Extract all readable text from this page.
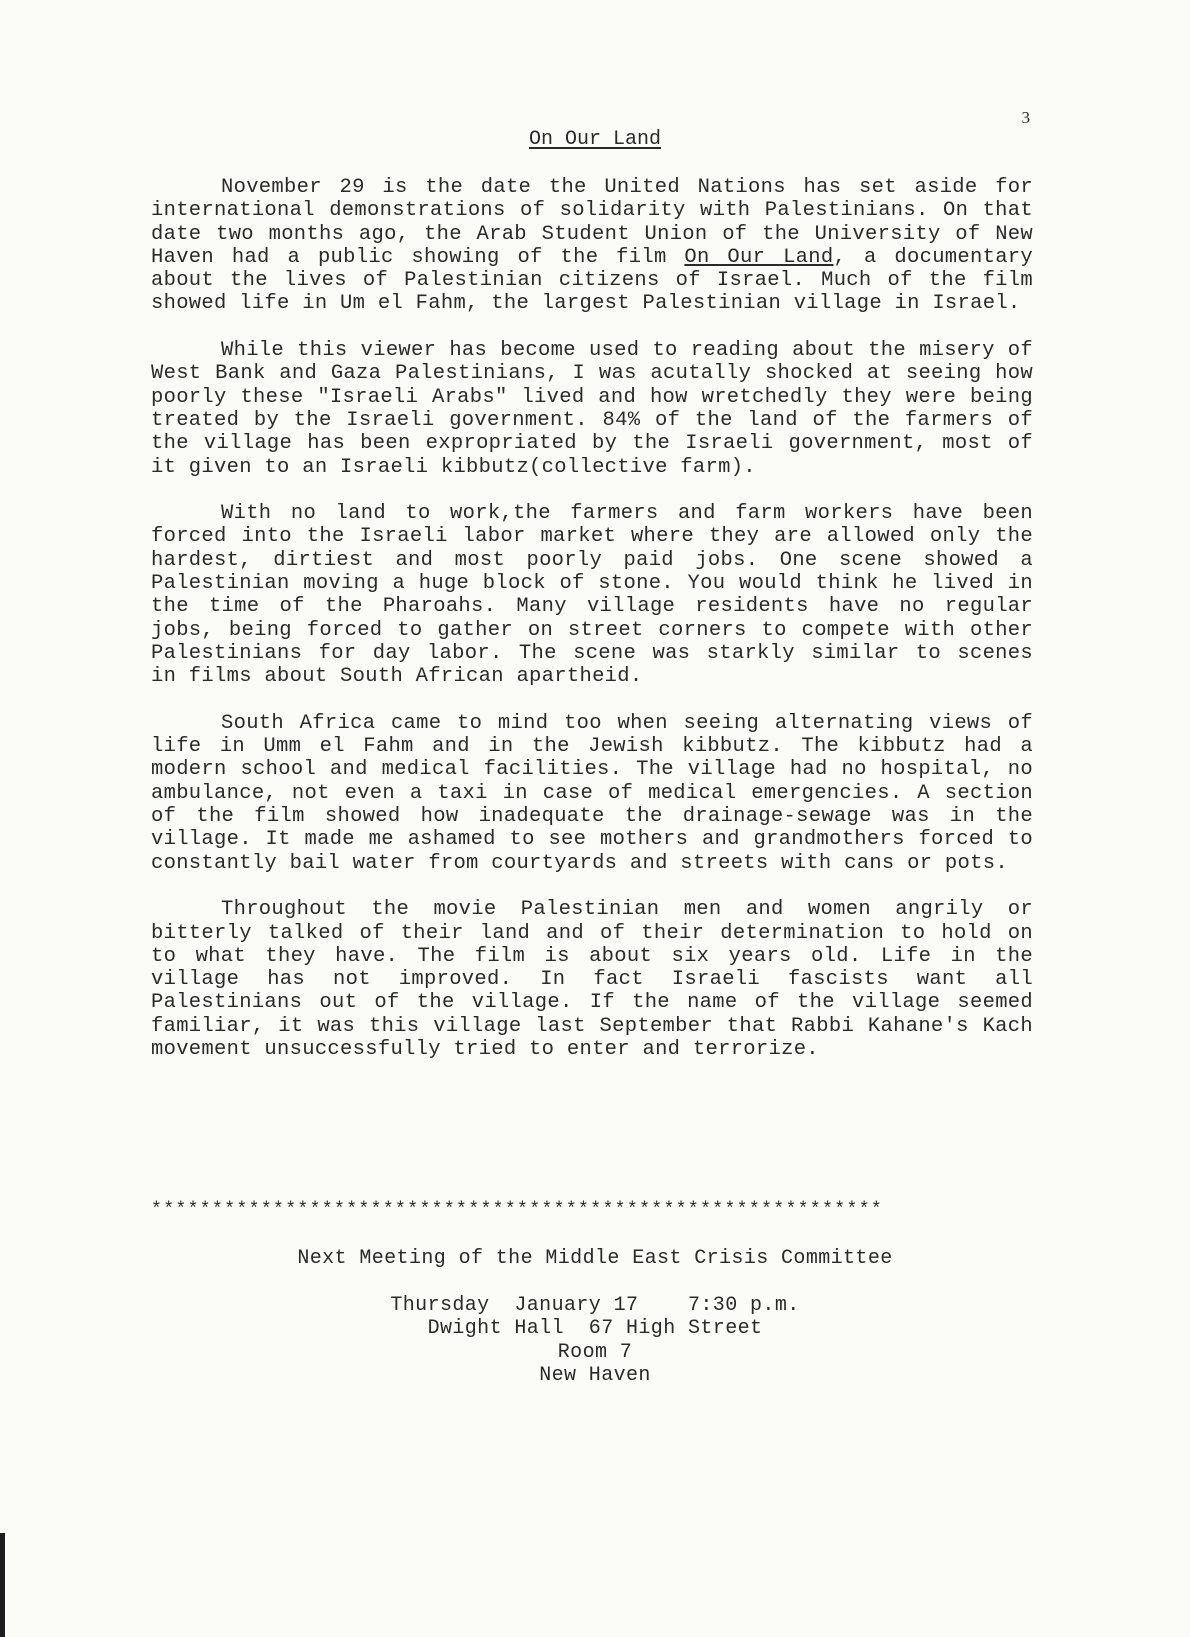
3
On Our Land

November 29 is the date the United Nations has set aside for international demonstrations of solidarity with Palestinians. On that date two months ago, the Arab Student Union of the University of New Haven had a public showing of the film On Our Land, a documentary about the lives of Palestinian citizens of Israel. Much of the film showed life in Um el Fahm, the largest Palestinian village in Israel.

While this viewer has become used to reading about the misery of West Bank and Gaza Palestinians, I was acutally shocked at seeing how poorly these "Israeli Arabs" lived and how wretchedly they were being treated by the Israeli government. 84% of the land of the farmers of the village has been expropriated by the Israeli government, most of it given to an Israeli kibbutz(collective farm).

With no land to work,the farmers and farm workers have been forced into the Israeli labor market where they are allowed only the hardest, dirtiest and most poorly paid jobs. One scene showed a Palestinian moving a huge block of stone. You would think he lived in the time of the Pharoahs. Many village residents have no regular jobs, being forced to gather on street corners to compete with other Palestinians for day labor. The scene was starkly similar to scenes in films about South African apartheid.

South Africa came to mind too when seeing alternating views of life in Umm el Fahm and in the Jewish kibbutz. The kibbutz had a modern school and medical facilities. The village had no hospital, no ambulance, not even a taxi in case of medical emergencies. A section of the film showed how inadequate the drainage-sewage was in the village. It made me ashamed to see mothers and grandmothers forced to constantly bail water from courtyards and streets with cans or pots.

Throughout the movie Palestinian men and women angrily or bitterly talked of their land and of their determination to hold on to what they have. The film is about six years old. Life in the village has not improved. In fact Israeli fascists want all Palestinians out of the village. If the name of the village seemed familiar, it was this village last September that Rabbi Kahane's Kach movement unsuccessfully tried to enter and terrorize.

************************************************************
Next Meeting of the Middle East Crisis Committee
Thursday  January 17    7:30 p.m.
Dwight Hall  67 High Street
Room 7
New Haven
